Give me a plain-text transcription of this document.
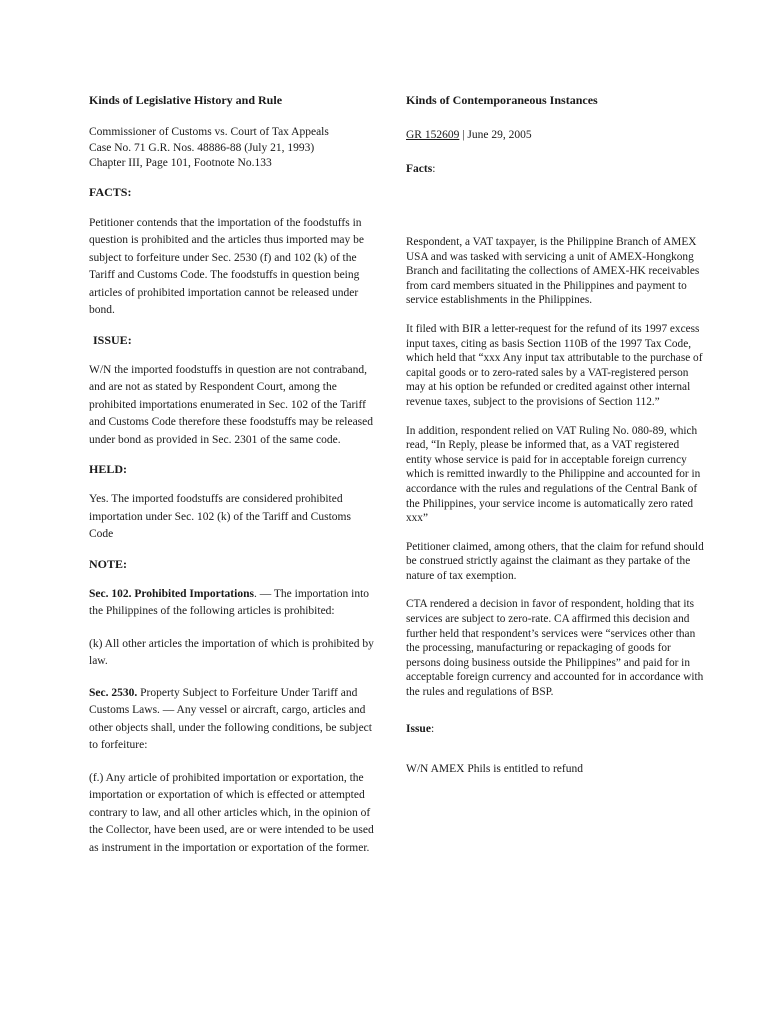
Kinds of Legislative History and Rule

Commissioner of Customs vs. Court of Tax Appeals

Case No. 71 G.R. Nos. 48886-88 (July 21, 1993)

Chapter III, Page 101, Footnote No.133

FACTS:

Petitioner contends that the importation of the foodstuffs in question is prohibited and the articles thus imported may be subject to forfeiture under Sec. 2530 (f) and 102 (k) of the Tariff and Customs Code. The foodstuffs in question being articles of prohibited importation cannot be released under bond.

ISSUE:

W/N the imported foodstuffs in question are not contraband, and are not as stated by Respondent Court, among the prohibited importations enumerated in Sec. 102 of the Tariff and Customs Code therefore these foodstuffs may be released under bond as provided in Sec. 2301 of the same code.

HELD:

Yes. The imported foodstuffs are considered prohibited importation under Sec. 102 (k) of the Tariff and Customs Code

NOTE:

Sec. 102. Prohibited Importations. — The importation into the Philippines of the following articles is prohibited:

(k) All other articles the importation of which is prohibited by law.

Sec. 2530. Property Subject to Forfeiture Under Tariff and Customs Laws. — Any vessel or aircraft, cargo, articles and other objects shall, under the following conditions, be subject to forfeiture:

(f.) Any article of prohibited importation or exportation, the importation or exportation of which is effected or attempted contrary to law, and all other articles which, in the opinion of the Collector, have been used, are or were intended to be used as instrument in the importation or exportation of the former.

Kinds of Contemporaneous Instances

GR 152609 | June 29, 2005

Facts:

Respondent, a VAT taxpayer, is the Philippine Branch of AMEX USA and was tasked with servicing a unit of AMEX-Hongkong Branch and facilitating the collections of AMEX-HK receivables from card members situated in the Philippines and payment to service establishments in the Philippines.

It filed with BIR a letter-request for the refund of its 1997 excess input taxes, citing as basis Section 110B of the 1997 Tax Code, which held that “xxx Any input tax attributable to the purchase of capital goods or to zero-rated sales by a VAT-registered person may at his option be refunded or credited against other internal revenue taxes, subject to the provisions of Section 112.”

In addition, respondent relied on VAT Ruling No. 080-89, which read, “In Reply, please be informed that, as a VAT registered entity whose service is paid for in acceptable foreign currency which is remitted inwardly to the Philippine and accounted for in accordance with the rules and regulations of the Central Bank of the Philippines, your service income is automatically zero rated xxx”

Petitioner claimed, among others, that the claim for refund should be construed strictly against the claimant as they partake of the nature of tax exemption.

CTA rendered a decision in favor of respondent, holding that its services are subject to zero-rate. CA affirmed this decision and further held that respondent’s services were “services other than the processing, manufacturing or repackaging of goods for persons doing business outside the Philippines” and paid for in acceptable foreign currency and accounted for in accordance with the rules and regulations of BSP.

Issue:

W/N AMEX Phils is entitled to refund
